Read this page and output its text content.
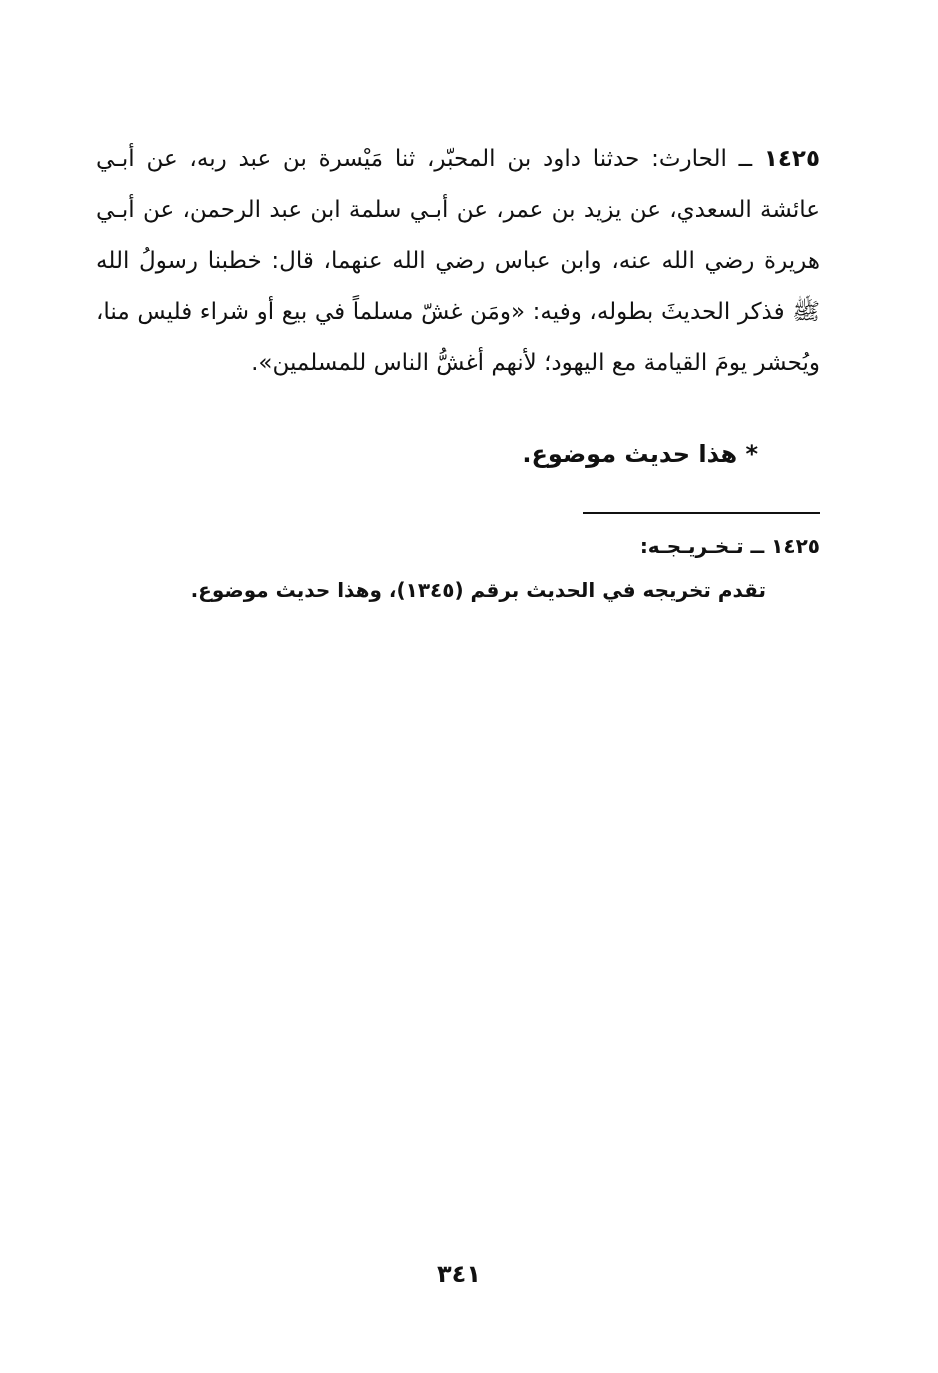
١٤٢٥ ــ الحارث: حدثنا داود بن المحبّر، ثنا مَيْسرة بن عبد ربه، عن أبـي عائشة السعدي، عن يزيد بن عمر، عن أبـي سلمة ابن عبد الرحمن، عن أبـي هريرة رضي الله عنه، وابن عباس رضي الله عنهما، قال: خطبنا رسولُ الله ﷺ فذكر الحديثَ بطوله، وفيه: «ومَن غشّ مسلماً في بيع أو شراء فليس منا، ويُحشر يومَ القيامة مع اليهود؛ لأنهم أغشُّ الناس للمسلمين».

* هذا حديث موضوع.
١٤٢٥ ــ تـخـريـجـه:
تقدم تخريجه في الحديث برقم (١٣٤٥)، وهذا حديث موضوع.
٣٤١
